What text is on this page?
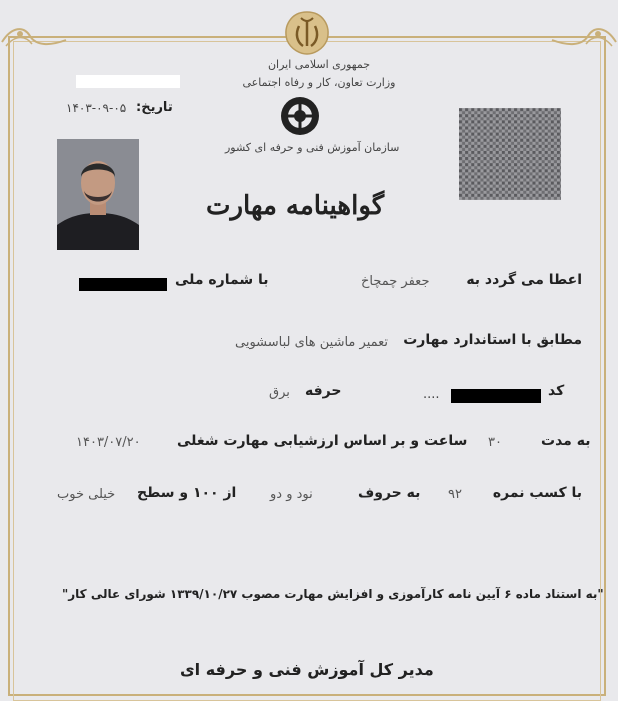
جمهوری اسلامی ایران
وزارت تعاون، کار و رفاه اجتماعی
سازمان آموزش فنی و حرفه ای کشور
تاریخ:
۱۴۰۳-۰۹-۰۵
گواهینامه مهارت
اعطا می گردد به
جعفر چمچاخ
با شماره ملی
مطابق با استاندارد مهارت
تعمیر ماشین های لباسشویی
کد
....
حرفه
برق
به مدت
۳۰
ساعت و بر اساس ارزشیابی مهارت شغلی
۱۴۰۳/۰۷/۲۰
با کسب نمره
۹۲
به حروف
نود و دو
از ۱۰۰ و سطح
خیلی خوب
"به استناد ماده ۶ آیین نامه کارآموزی و افزایش مهارت مصوب ۱۳۳۹/۱۰/۲۷ شورای عالی کار"
مدیر کل آموزش فنی و حرفه ای
